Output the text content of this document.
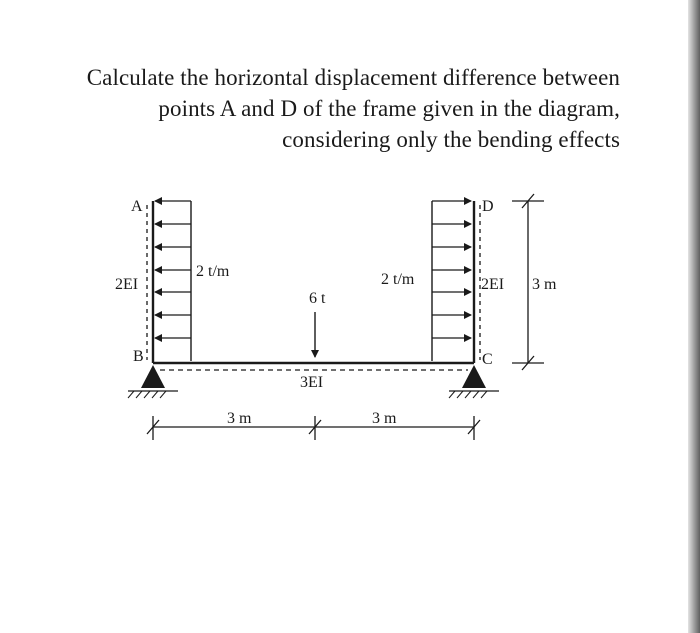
Calculate the horizontal displacement difference between
points A and D of the frame given in the diagram,
considering only the bending effects
A
B	C
D
2EI	2EI
3EI
2 t/m	2 t/m
6 t
3 m
3 m	3 m
